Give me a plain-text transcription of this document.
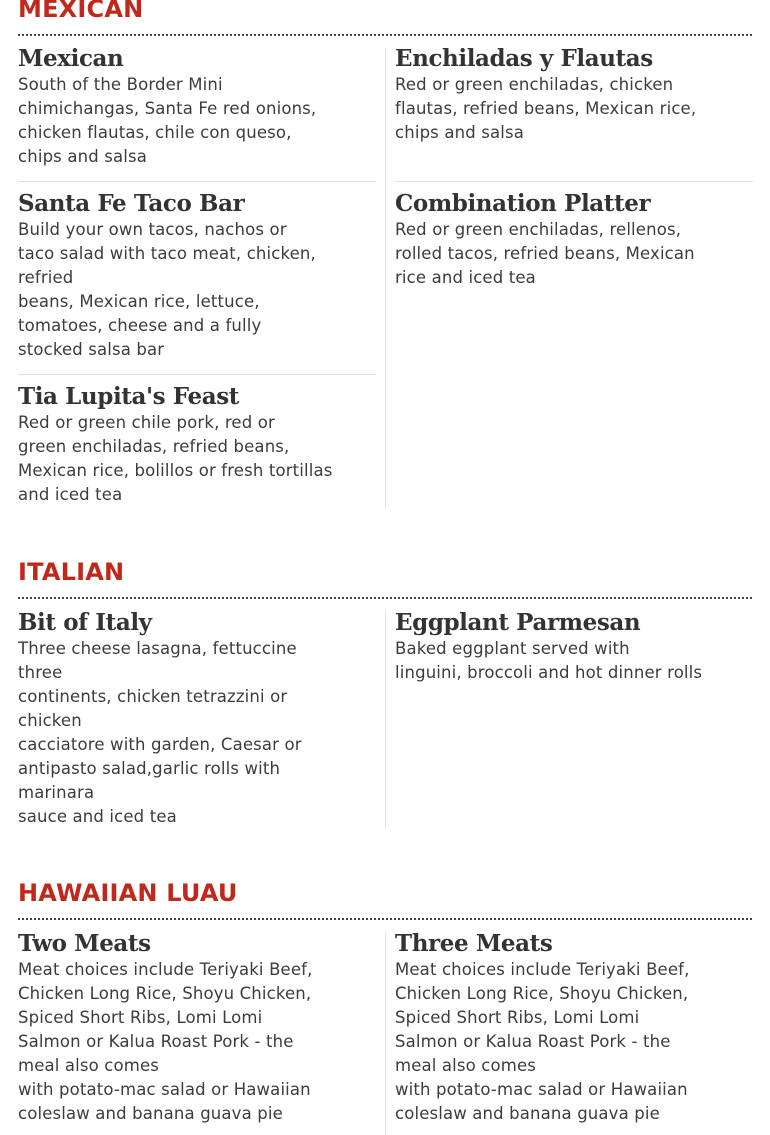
MEXICAN
Mexican

South of the Border Mini
chimichangas, Santa Fe red onions,
chicken flautas, chile con queso,
chips and salsa

Santa Fe Taco Bar

Build your own tacos, nachos or
taco salad with taco meat, chicken,
refried
beans, Mexican rice, lettuce,
tomatoes, cheese and a fully
stocked salsa bar

Tia Lupita's Feast

Red or green chile pork, red or
green enchiladas, refried beans,
Mexican rice, bolillos or fresh tortillas
and iced tea

Enchiladas y Flautas

Red or green enchiladas, chicken
flautas, refried beans, Mexican rice,
chips and salsa

Combination Platter

Red or green enchiladas, rellenos,
rolled tacos, refried beans, Mexican
rice and iced tea

ITALIAN
Bit of Italy

Three cheese lasagna, fettuccine
three
continents, chicken tetrazzini or
chicken
cacciatore with garden, Caesar or
antipasto salad,garlic rolls with
marinara
sauce and iced tea

Eggplant Parmesan

Baked eggplant served with
linguini, broccoli and hot dinner rolls

HAWAIIAN LUAU
Two Meats

Meat choices include Teriyaki Beef,
Chicken Long Rice, Shoyu Chicken,
Spiced Short Ribs, Lomi Lomi
Salmon or Kalua Roast Pork - the
meal also comes
with potato-mac salad or Hawaiian
coleslaw and banana guava pie

Three Meats

Meat choices include Teriyaki Beef,
Chicken Long Rice, Shoyu Chicken,
Spiced Short Ribs, Lomi Lomi
Salmon or Kalua Roast Pork - the
meal also comes
with potato-mac salad or Hawaiian
coleslaw and banana guava pie
